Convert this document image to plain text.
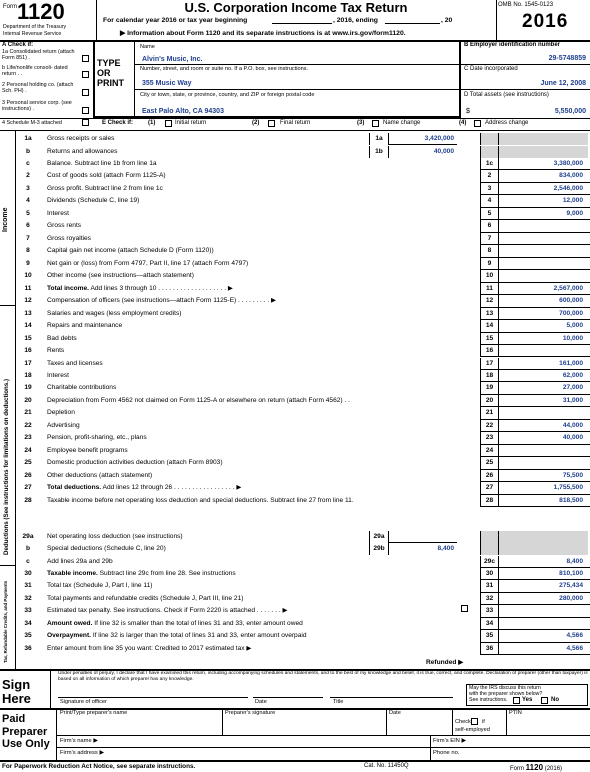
Form 1120
Department of the Treasury
Internal Revenue Service
U.S. Corporation Income Tax Return
For calendar year 2016 or tax year beginning	, 2016, ending	, 20
▶ Information about Form 1120 and its separate instructions is at www.irs.gov/form1120.
OMB No. 1545-0123
2016
A Check if:
1a Consolidated return (attach Form 851) .
b Life/nonlife consoli- dated return . .
2 Personal holding co. (attach Sch. PH) .
3 Personal service corp. (see instructions) .
4 Schedule M-3 attached
TYPE
OR
PRINT
Name
Alvin's Music, Inc.
Number, street, and room or suite no. If a P.O. box, see instructions.
355 Music Way
City or town, state, or province, country, and ZIP or foreign postal code
East Palo Alto, CA 94303
B Employer identification number
29-5748859
C Date incorporated
June 12, 2008
D Total assets (see instructions)
$	5,550,000
E Check if: (1)	Initial return	(2)	Final return	(3)	Name change	(4)	Address change
Income
Deductions (See instructions for limitations on deductions.)
Tax, Refundable Credits, and Payments
1a	Gross receipts or sales	1a	3,420,000
b	Returns and allowances	1b	40,000
c	Balance. Subtract line 1b from line 1a	1c	3,380,000
2	Cost of goods sold (attach Form 1125-A)	2	834,000
3	Gross profit. Subtract line 2 from line 1c	3	2,546,000
4	Dividends (Schedule C, line 19)	4	12,000
5	Interest	5	9,000
6	Gross rents	6
7	Gross royalties	7
8	Capital gain net income (attach Schedule D (Form 1120))	8
9	Net gain or (loss) from Form 4797, Part II, line 17 (attach Form 4797)	9
10	Other income (see instructions—attach statement)	10
11	Total income. Add lines 3 through 10 . . . . . . . . . . . . . . . . . . . ▶	11	2,567,000
12	Compensation of officers (see instructions—attach Form 1125-E) . . . . . . . . . ▶	12	600,000
13	Salaries and wages (less employment credits)	13	700,000
14	Repairs and maintenance	14	5,000
15	Bad debts	15	10,000
16	Rents	16
17	Taxes and licenses	17	161,000
18	Interest	18	62,000
19	Charitable contributions	19	27,000
20	Depreciation from Form 4562 not claimed on Form 1125-A or elsewhere on return (attach Form 4562) . .	20	31,000
21	Depletion	21
22	Advertising	22	44,000
23	Pension, profit-sharing, etc., plans	23	40,000
24	Employee benefit programs	24
25	Domestic production activities deduction (attach Form 8903)	25
26	Other deductions (attach statement)	26	75,500
27	Total deductions. Add lines 12 through 26 . . . . . . . . . . . . . . . . . ▶	27	1,755,500
28	Taxable income before net operating loss deduction and special deductions. Subtract line 27 from line 11.	28	818,500
29a	Net operating loss deduction (see instructions)	29a
b	Special deductions (Schedule C, line 20)	29b	8,400
c	Add lines 29a and 29b	29c	8,400
30	Taxable income. Subtract line 29c from line 28. See instructions	30	810,100
31	Total tax (Schedule J, Part I, line 11)	31	275,434
32	Total payments and refundable credits (Schedule J, Part III, line 21)	32	280,000
33	Estimated tax penalty. See instructions. Check if Form 2220 is attached . . . . . . . ▶	33
34	Amount owed. If line 32 is smaller than the total of lines 31 and 33, enter amount owed	34
35	Overpayment. If line 32 is larger than the total of lines 31 and 33, enter amount overpaid	35	4,566
36	Enter amount from line 35 you want: Credited to 2017 estimated tax ▶	36	4,566
Refunded ▶
Sign
Here
Under penalties of perjury, I declare that I have examined this return, including accompanying schedules and statements, and to the best of my knowledge and belief, it is true, correct, and complete. Declaration of preparer (other than taxpayer) is based on all information of which preparer has any knowledge.
Signature of officer	Date	Title
May the IRS discuss this return
with the preparer shown below?
See instructions.	Yes	No
Paid
Preparer
Use Only
Print/Type preparer's name	Preparer's signature	Date
Check if
self-employed
PTIN
Firm's name ▶	Firm's EIN ▶
Firm's address ▶	Phone no.
For Paperwork Reduction Act Notice, see separate instructions.	Cat. No. 11450Q	Form 1120 (2016)
